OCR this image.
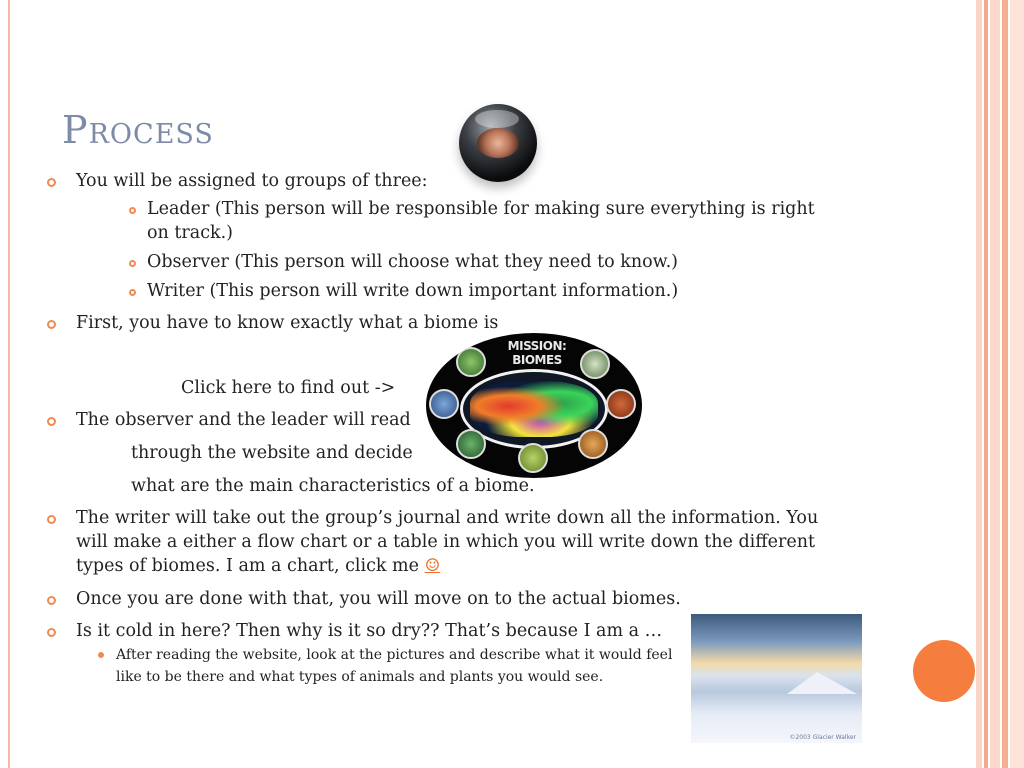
Process
You will be assigned to groups of three:
Leader (This person will be responsible for making sure everything is right
on track.)
Observer (This person will choose what they need to know.)
Writer (This person will write down important information.)
First, you have to know exactly what a biome is
Click here to find out ->
MISSION: BIOMES
The observer and the leader will read
through the website and decide
what are the main characteristics of a biome.
The writer will take out the group’s journal and write down all the information. You
will make a either a flow chart or a table in which you will write down the different
types of biomes. I am a chart, click me ☺
Once you are done with that, you will move on to the actual biomes.
Is it cold in here? Then why is it so dry?? That’s because I am a …
After reading the website, look at the pictures and describe what it would feel
like to be there and what types of animals and plants you would see.
©2003 Glacier Walker
